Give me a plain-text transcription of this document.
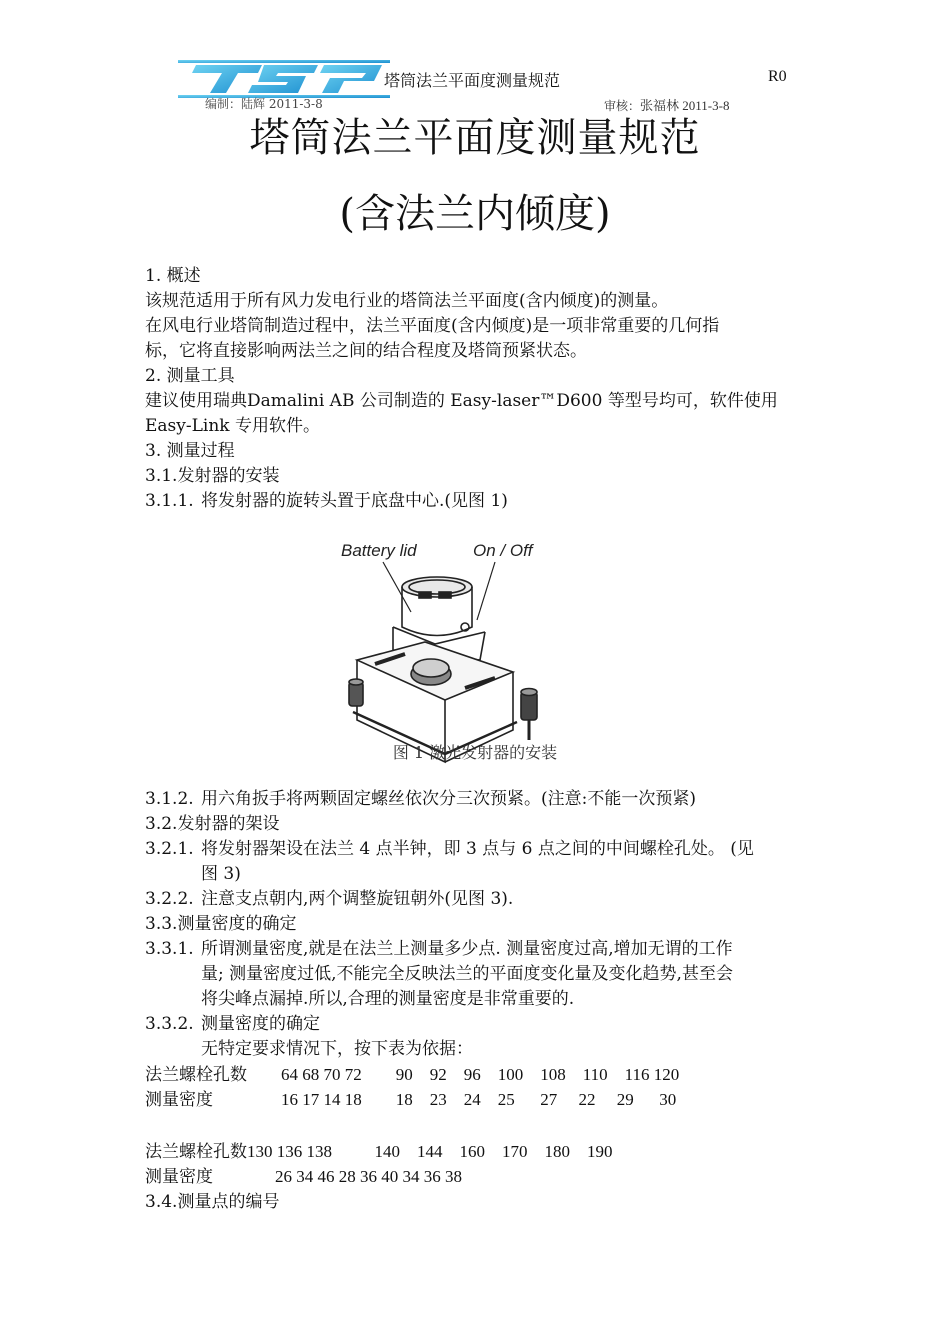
TSP
塔筒法兰平面度测量规范	R0
编制：陆辉 2011-3-8	审核：张福林 2011-3-8
塔筒法兰平面度测量规范
(含法兰内倾度)
1. 概述
该规范适用于所有风力发电行业的塔筒法兰平面度(含内倾度)的测量。
在风电行业塔筒制造过程中，法兰平面度(含内倾度)是一项非常重要的几何指
标，它将直接影响两法兰之间的结合程度及塔筒预紧状态。
2. 测量工具
建议使用瑞典Damalini AB 公司制造的 Easy-laser™D600 等型号均可，软件使用
Easy-Link 专用软件。
3. 测量过程
3.1.发射器的安装
3.1.1. 将发射器的旋转头置于底盘中心.(见图 1)
Battery lid	On / Off
图 1 激光发射器的安装
3.1.2. 用六角扳手将两颗固定螺丝依次分三次预紧。(注意:不能一次预紧)
3.2.发射器的架设
3.2.1. 将发射器架设在法兰 4 点半钟，即 3 点与 6 点之间的中间螺栓孔处。 (见
图 3)
3.2.2. 注意支点朝内,两个调整旋钮朝外(见图 3).
3.3.测量密度的确定
3.3.1. 所谓测量密度,就是在法兰上测量多少点. 测量密度过高,增加无谓的工作
量; 测量密度过低,不能完全反映法兰的平面度变化量及变化趋势,甚至会
将尖峰点漏掉.所以,合理的测量密度是非常重要的.
3.3.2. 测量密度的确定
无特定要求情况下，按下表为依据：
法兰螺栓孔数 64 68 70 72        90    92    96    100    108    110    116 120
测量密度	16 17 14 18        18    23    24    25      27     22     29      30
法兰螺栓孔数130 136 138          140    144    160    170    180    190
测量密度	26 34 46 28 36 40 34 36 38
3.4.测量点的编号
